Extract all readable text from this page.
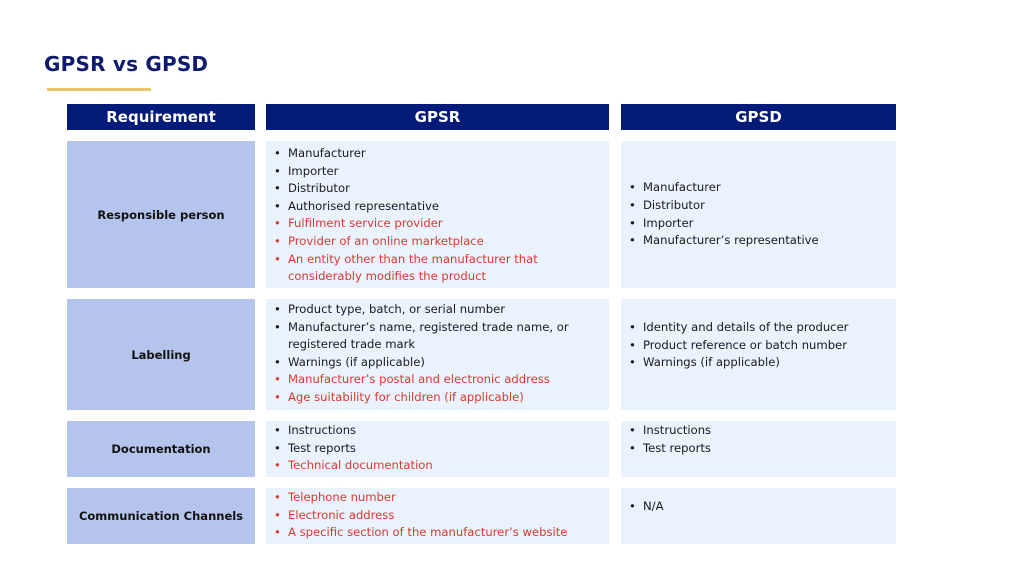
GPSR vs GPSD
Requirement	GPSR	GPSD
Responsible person
• Manufacturer
• Importer
• Distributor
• Authorised representative
• Fulfilment service provider
• Provider of an online marketplace
• An entity other than the manufacturer that considerably modifies the product
• Manufacturer
• Distributor
• Importer
• Manufacturer’s representative
Labelling
• Product type, batch, or serial number
• Manufacturer’s name, registered trade name, or registered trade mark
• Warnings (if applicable)
• Manufacturer’s postal and electronic address
• Age suitability for children (if applicable)
• Identity and details of the producer
• Product reference or batch number
• Warnings (if applicable)
Documentation
• Instructions
• Test reports
• Technical documentation
• Instructions
• Test reports
Communication Channels
• Telephone number
• Electronic address
• A specific section of the manufacturer’s website
• N/A
